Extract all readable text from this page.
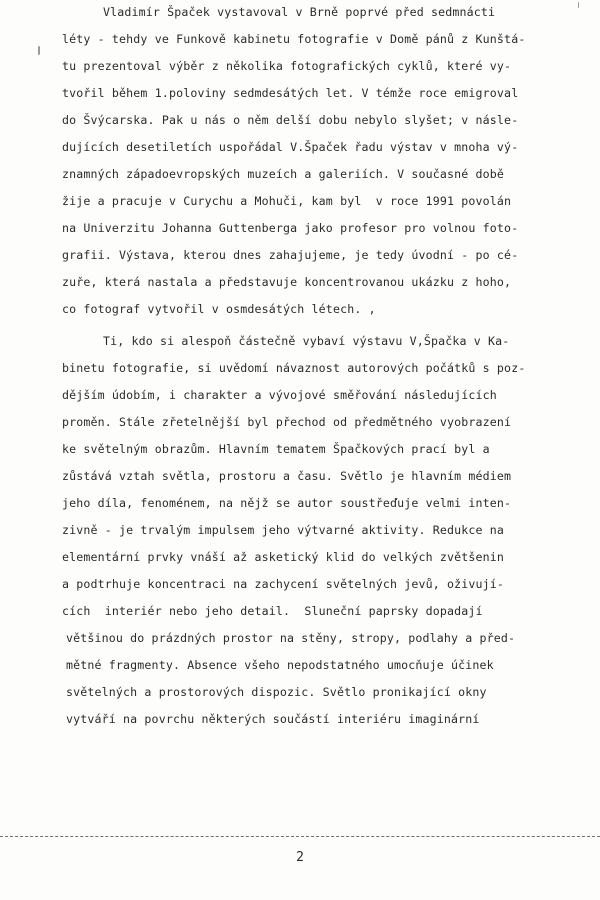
Vladimír Špaček vystavoval v Brně poprvé před sedmnácti
léty - tehdy ve Funkově kabinetu fotografie v Domě pánů z Kunštá-
tu prezentoval výběr z několika fotografických cyklů, které vy-
tvořil během 1.poloviny sedmdesátých let. V témže roce emigroval
do Švýcarska. Pak u nás o něm delší dobu nebylo slyšet; v násle-
dujících desetiletích uspořádal V.Špaček řadu výstav v mnoha vý-
znamných západoevropských muzeích a galeriích. V současné době
žije a pracuje v Curychu a Mohuči, kam byl  v roce 1991 povolán
na Univerzitu Johanna Guttenberga jako profesor pro volnou foto-
grafii. Výstava, kterou dnes zahajujeme, je tedy úvodní - po cé-
zuře, která nastala a představuje koncentrovanou ukázku z hoho,
co fotograf vytvořil v osmdesátých létech. ,
Ti, kdo si alespoň částečně vybaví výstavu V,Špačka v Ka-
binetu fotografie, si uvědomí návaznost autorových počátků s poz-
dějším údobím, i charakter a vývojové směřování následujících
proměn. Stále zřetelnější byl přechod od předmětného vyobrazení
ke světelným obrazům. Hlavním tematem Špačkových prací byl a
zůstává vztah světla, prostoru a času. Světlo je hlavním médiem
jeho díla, fenoménem, na nějž se autor soustřeďuje velmi inten-
zivně - je trvalým impulsem jeho výtvarné aktivity. Redukce na
elementární prvky vnáší až asketický klid do velkých zvětšenin
a podtrhuje koncentraci na zachycení světelných jevů, oživují-
cích  interiér nebo jeho detail.  Sluneční paprsky dopadají
většinou do prázdných prostor na stěny, stropy, podlahy a před-
mětné fragmenty. Absence všeho nepodstatného umocňuje účinek
světelných a prostorových dispozic. Světlo pronikající okny
vytváří na povrchu některých součástí interiéru imaginární
2
